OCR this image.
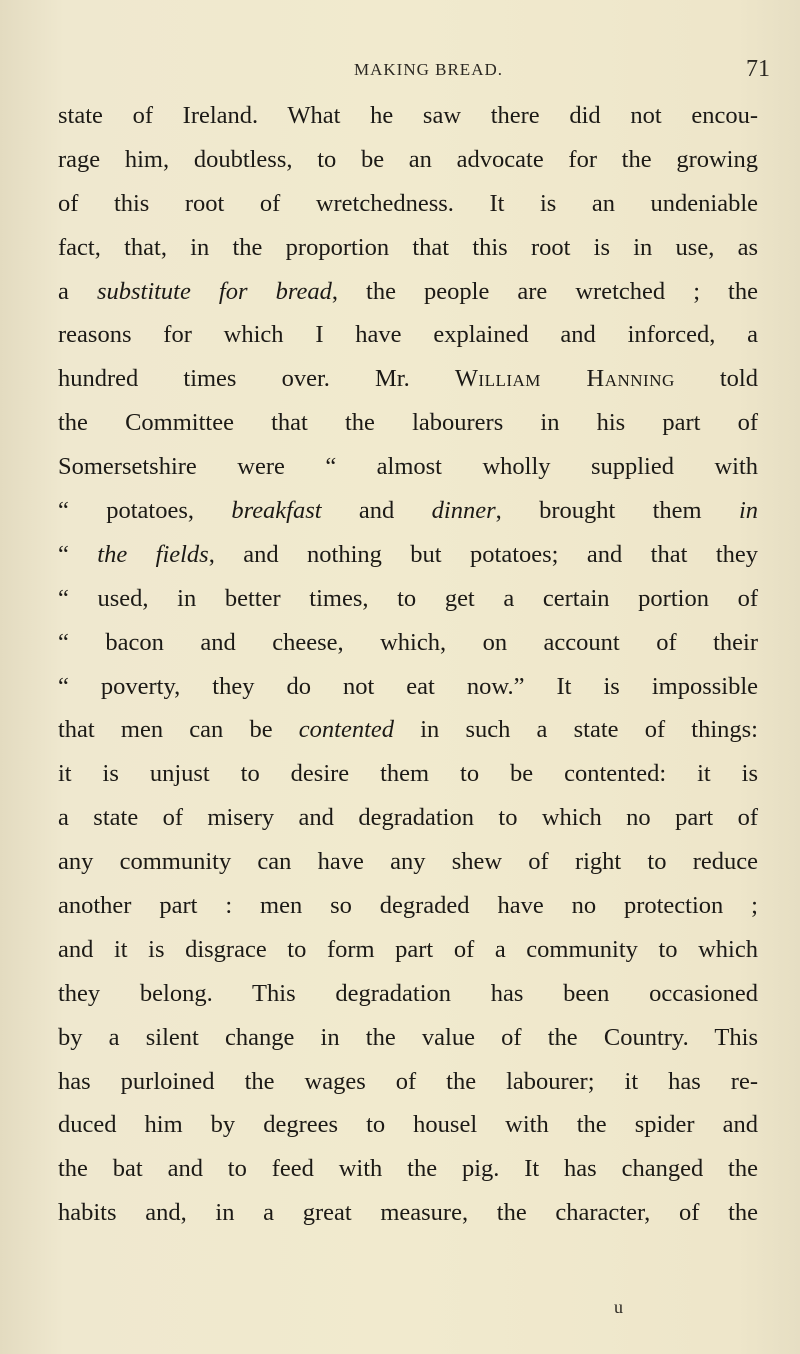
MAKING BREAD.	71
state of Ireland. What he saw there did not encou-
rage him, doubtless, to be an advocate for the growing
of this root of wretchedness. It is an undeniable
fact, that, in the proportion that this root is in use, as
a substitute for bread, the people are wretched ; the
reasons for which I have explained and inforced, a
hundred times over. Mr. William Hanning told
the Committee that the labourers in his part of
Somersetshire were “ almost wholly supplied with
“ potatoes, breakfast and dinner, brought them in
“ the fields, and nothing but potatoes; and that they
“ used, in better times, to get a certain portion of
“ bacon and cheese, which, on account of their
“ poverty, they do not eat now.” It is impossible
that men can be contented in such a state of things:
it is unjust to desire them to be contented: it is
a state of misery and degradation to which no part of
any community can have any shew of right to reduce
another part : men so degraded have no protection ;
and it is disgrace to form part of a community to which
they belong. This degradation has been occasioned
by a silent change in the value of the Country. This
has purloined the wages of the labourer; it has re-
duced him by degrees to housel with the spider and
the bat and to feed with the pig. It has changed the
habits and, in a great measure, the character, of the
u
